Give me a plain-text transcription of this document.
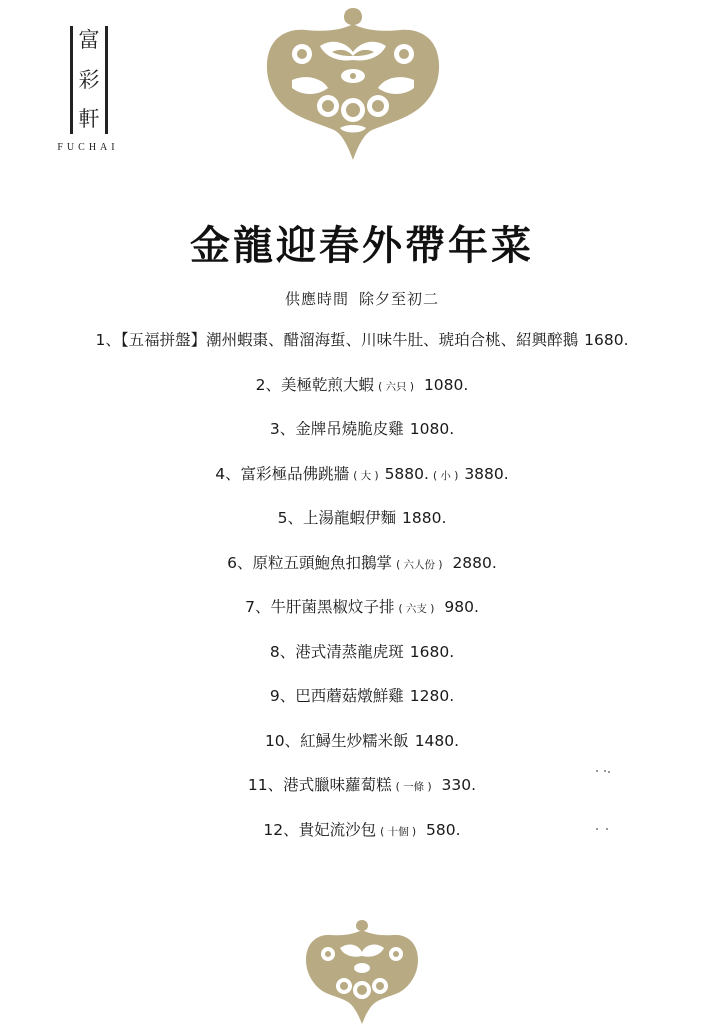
富
彩
軒
FUCHAI
金龍迎春外帶年菜
供應時間 除夕至初二
1、【五福拼盤】潮州蝦棗、醋溜海蜇、川味牛肚、琥珀合桃、紹興醉鵝 1680.
2、美極乾煎大蝦 ( 六只 ) 1080.
3、金牌吊燒脆皮雞 1080.
4、富彩極品佛跳牆 ( 大 ) 5880. ( 小 ) 3880.
5、上湯龍蝦伊麵 1880.
6、原粒五頭鮑魚扣鵝掌 ( 六人份 ) 2880.
7、牛肝菌黑椒炆子排 ( 六支 ) 980.
8、港式清蒸龍虎斑 1680.
9、巴西蘑菇燉鮮雞 1280.
10、紅鱘生炒糯米飯 1480.
11、港式臘味蘿蔔糕 ( 一條 ) 330.
12、貴妃流沙包 ( 十個 ) 580.
